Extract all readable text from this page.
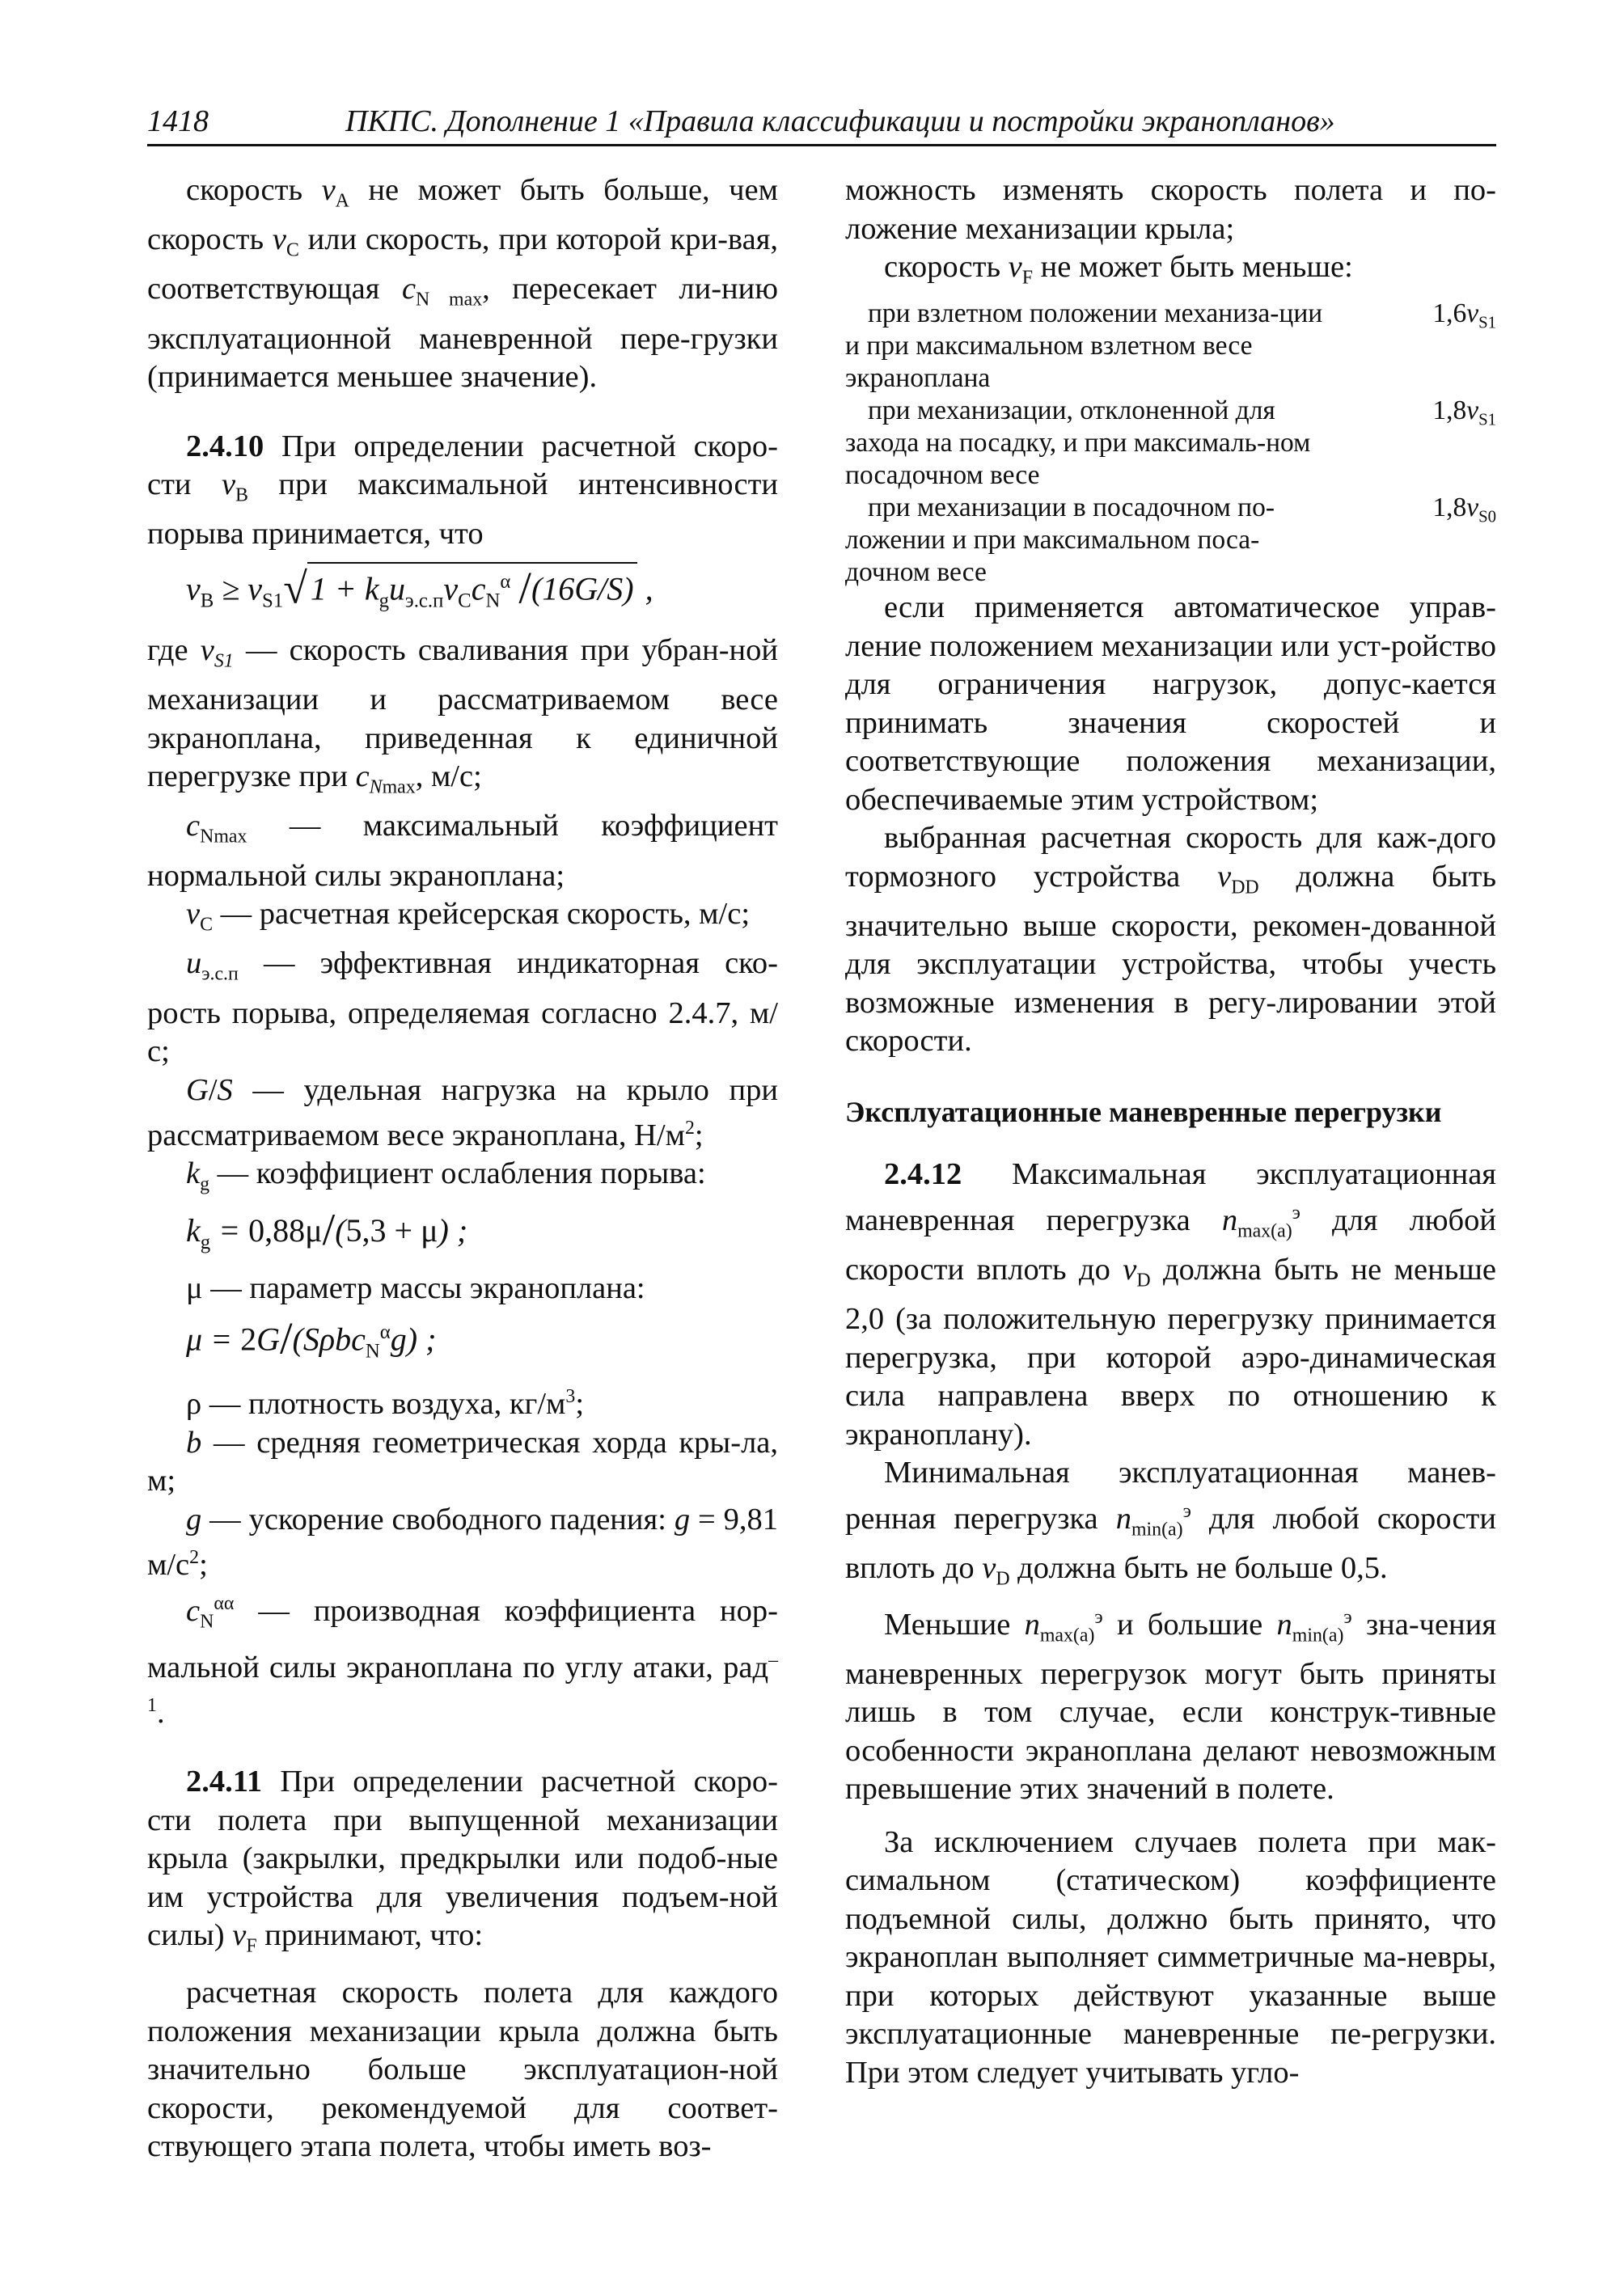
1418	ПКПС. Дополнение 1 «Правила классификации и постройки экранопланов»

скорость $v_A$ не может быть больше, чем скорость $v_C$ или скорость, при которой кри-вая, соответствующая $c_{N max}$, пересекает ли-нию эксплуатационной маневренной пере-грузки (принимается меньшее значение).

2.4.10 При определении расчетной скоро-сти $v_B$ при максимальной интенсивности порыва принимается, что

$v_B \ge v_{S1}√$ $1 + k_gu_{э.с.п}v_Cc_N^\alpha$ /(16G/S) ,

где $v_{S1}$ — скорость сваливания при убран-ной механизации и рассматриваемом весе экраноплана, приведенная к единичной перегрузке при $c_{Nmax}$, м/с;

$c_{Nmax}$ — максимальный коэффициент нормальной силы экраноплана;

$v_C$ — расчетная крейсерская скорость, м/с;

$u_{э.с.п}$ — эффективная индикаторная ско-рость порыва, определяемая согласно 2.4.7, м/с;

G/S — удельная нагрузка на крыло при рассматриваемом весе экраноплана, $Н/м^2$;

$k_g$ — коэффициент ослабления порыва:

$k_g = 0,88\mu/(5,3 + \mu)$ ;

μ — параметр массы экраноплана:

μ = 2G/(Sρbc$_N^\alpha$g) ;

ρ — плотность воздуха, $кг/м^3$;

b — средняя геометрическая хорда кры-ла, м;

g — ускорение свободного падения: g = 9,81 $м/с^2$;

$c_N^{\alpha\alpha}$ — производная коэффициента нор-мальной силы экраноплана по углу атаки, рад$^{-1}$.

2.4.11 При определении расчетной скоро-сти полета при выпущенной механизации крыла (закрылки, предкрылки или подоб-ные им устройства для увеличения подъем-ной силы) $v_F$ принимают, что:

расчетная скорость полета для каждого положения механизации крыла должна быть значительно больше эксплуатацион-ной скорости, рекомендуемой для соответ-ствующего этапа полета, чтобы иметь воз-

можность изменять скорость полета и по-ложение механизации крыла;

скорость $v_F$ не может быть меньше:

при взлетном положении механиза-ции и при максимальном взлетном весе экраноплана
$1,6v_{S1}$
при механизации, отклоненной для захода на посадку, и при максималь-ном посадочном весе
$1,8v_{S1}$
при механизации в посадочном по-ложении и при максимальном поса-дочном весе
$1,8v_{S0}$

если применяется автоматическое управ-ление положением механизации или уст-ройство для ограничения нагрузок, допус-кается принимать значения скоростей и соответствующие положения механизации, обеспечиваемые этим устройством;

выбранная расчетная скорость для каж-дого тормозного устройства $v_{DD}$ должна быть значительно выше скорости, рекомен-дованной для эксплуатации устройства, чтобы учесть возможные изменения в регу-лировании этой скорости.

Эксплуатационные маневренные перегрузки

2.4.12 Максимальная эксплуатационная маневренная перегрузка $n_{max(a)}^э$ для любой скорости вплоть до $v_D$ должна быть не меньше 2,0 (за положительную перегрузку принимается перегрузка, при которой аэро-динамическая сила направлена вверх по отношению к экраноплану).

Минимальная эксплуатационная манев-ренная перегрузка $n_{min(a)}^э$ для любой скорости вплоть до $v_D$ должна быть не больше 0,5.

Меньшие $n_{max(a)}^э$ и большие $n_{min(a)}^э$ зна-чения маневренных перегрузок могут быть приняты лишь в том случае, если конструк-тивные особенности экраноплана делают невозможным превышение этих значений в полете.

За исключением случаев полета при мак-симальном (статическом) коэффициенте подъемной силы, должно быть принято, что экраноплан выполняет симметричные ма-невры, при которых действуют указанные выше эксплуатационные маневренные пе-регрузки. При этом следует учитывать угло-
